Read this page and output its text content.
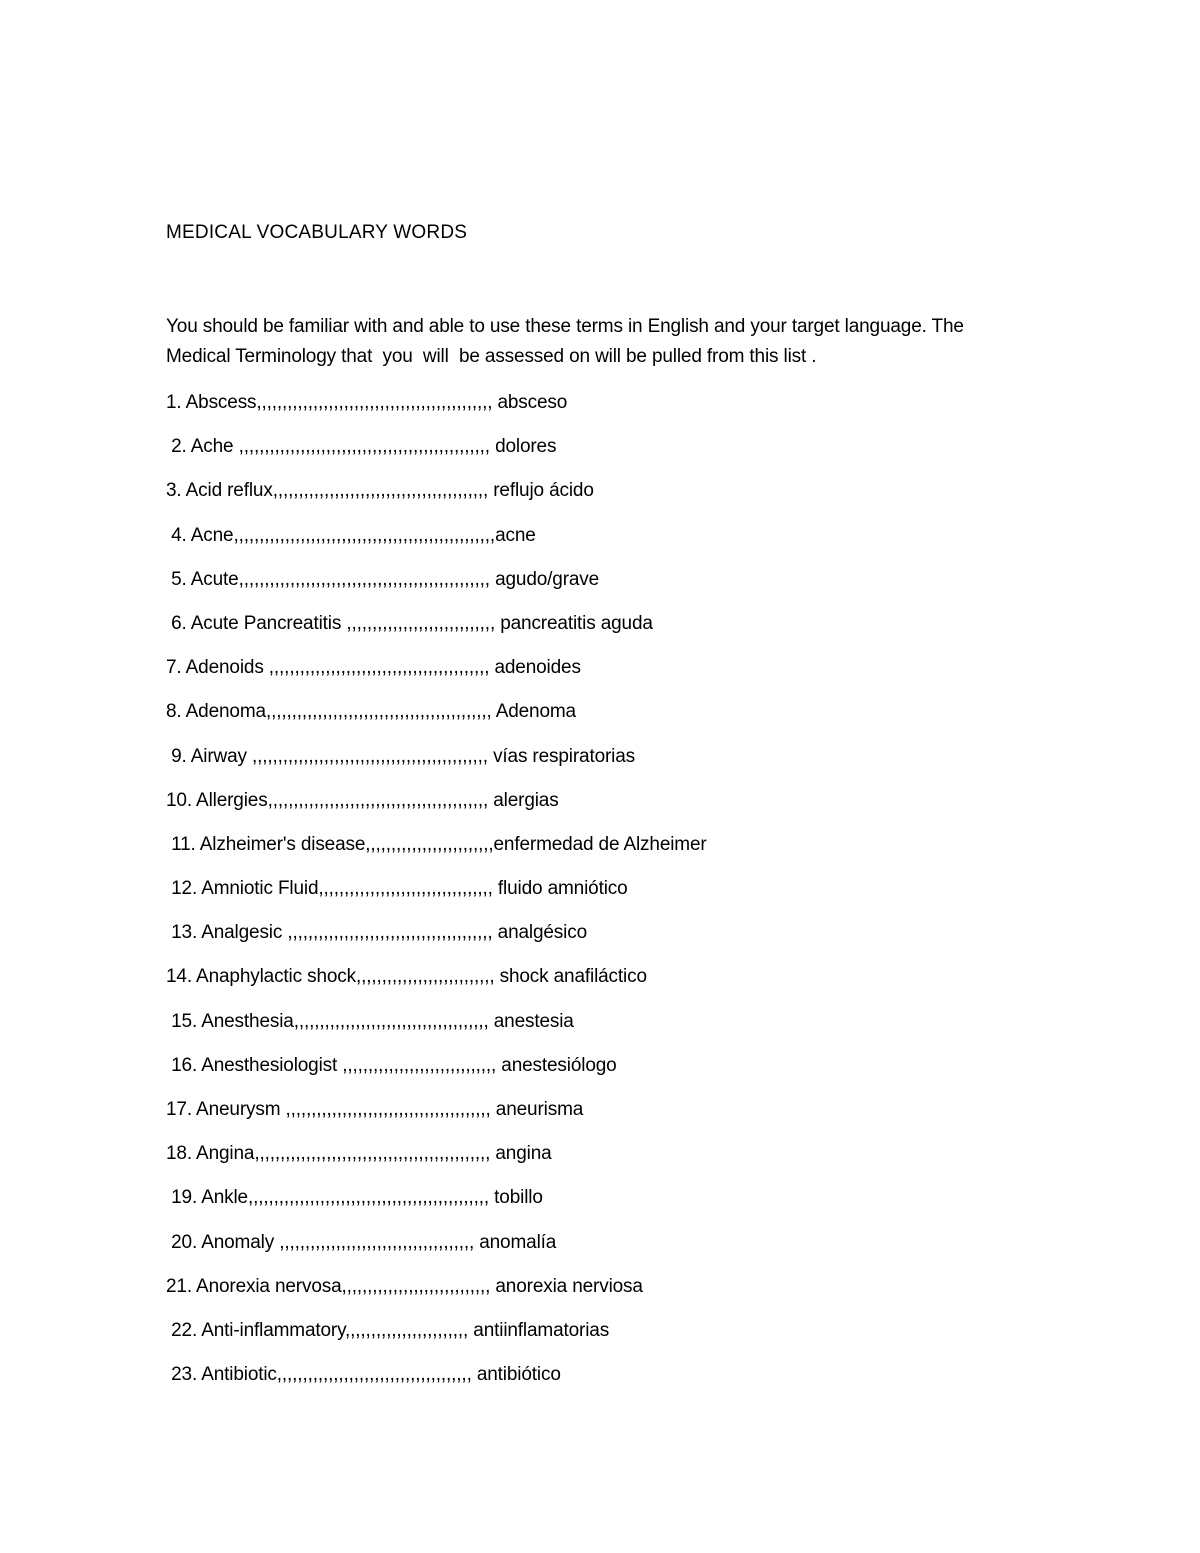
MEDICAL VOCABULARY WORDS
You should be familiar with and able to use these terms in English and your target language. The
Medical Terminology that  you  will  be assessed on will be pulled from this list .
1. Abscess,,,,,,,,,,,,,,,,,,,,,,,,,,,,,,,,,,,,,,,,,,,,,, absceso
2. Ache ,,,,,,,,,,,,,,,,,,,,,,,,,,,,,,,,,,,,,,,,,,,,,,,,, dolores
3. Acid reflux,,,,,,,,,,,,,,,,,,,,,,,,,,,,,,,,,,,,,,,,,, reflujo ácido
4. Acne,,,,,,,,,,,,,,,,,,,,,,,,,,,,,,,,,,,,,,,,,,,,,,,,,,,acne
5. Acute,,,,,,,,,,,,,,,,,,,,,,,,,,,,,,,,,,,,,,,,,,,,,,,,, agudo/grave
6. Acute Pancreatitis ,,,,,,,,,,,,,,,,,,,,,,,,,,,,, pancreatitis aguda
7. Adenoids ,,,,,,,,,,,,,,,,,,,,,,,,,,,,,,,,,,,,,,,,,,, adenoides
8. Adenoma,,,,,,,,,,,,,,,,,,,,,,,,,,,,,,,,,,,,,,,,,,,, Adenoma
9. Airway ,,,,,,,,,,,,,,,,,,,,,,,,,,,,,,,,,,,,,,,,,,,,,, vías respiratorias
10. Allergies,,,,,,,,,,,,,,,,,,,,,,,,,,,,,,,,,,,,,,,,,,, alergias
11. Alzheimer's disease,,,,,,,,,,,,,,,,,,,,,,,,,enfermedad de Alzheimer
12. Amniotic Fluid,,,,,,,,,,,,,,,,,,,,,,,,,,,,,,,,,, fluido amniótico
13. Analgesic ,,,,,,,,,,,,,,,,,,,,,,,,,,,,,,,,,,,,,,,, analgésico
14. Anaphylactic shock,,,,,,,,,,,,,,,,,,,,,,,,,,, shock anafiláctico
15. Anesthesia,,,,,,,,,,,,,,,,,,,,,,,,,,,,,,,,,,,,,, anestesia
16. Anesthesiologist ,,,,,,,,,,,,,,,,,,,,,,,,,,,,,, anestesiólogo
17. Aneurysm ,,,,,,,,,,,,,,,,,,,,,,,,,,,,,,,,,,,,,,,, aneurisma
18. Angina,,,,,,,,,,,,,,,,,,,,,,,,,,,,,,,,,,,,,,,,,,,,,, angina
19. Ankle,,,,,,,,,,,,,,,,,,,,,,,,,,,,,,,,,,,,,,,,,,,,,,, tobillo
20. Anomaly ,,,,,,,,,,,,,,,,,,,,,,,,,,,,,,,,,,,,,, anomalía
21. Anorexia nervosa,,,,,,,,,,,,,,,,,,,,,,,,,,,,, anorexia nerviosa
22. Anti-inflammatory,,,,,,,,,,,,,,,,,,,,,,,, antiinflamatorias
23. Antibiotic,,,,,,,,,,,,,,,,,,,,,,,,,,,,,,,,,,,,,, antibiótico
